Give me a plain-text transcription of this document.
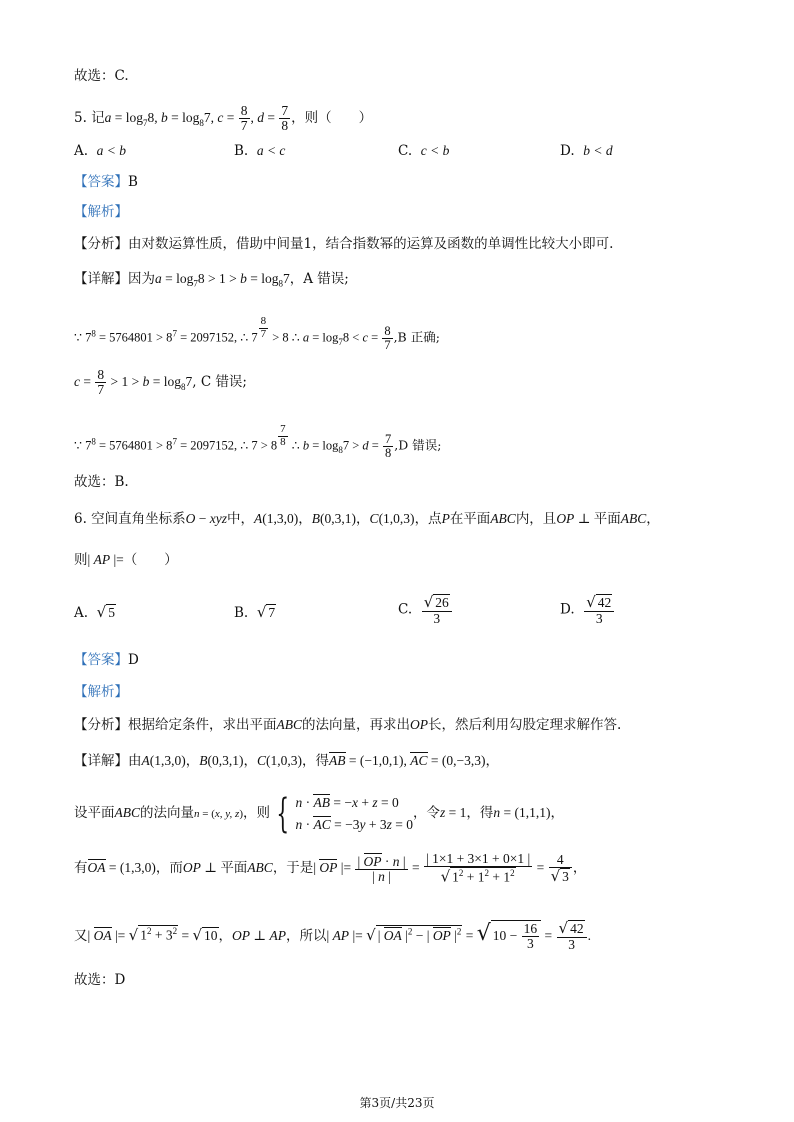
故选：C.
5. 记$a = \log_78$, $b = \log_87$, $c = \frac{8}{7}$ , $d = \frac{7}{8}$ ，则（　　）
A. a < b	B. a < c	C. c < b	D. b < d
【答案】B
【解析】
【分析】由对数运算性质，借助中间量1，结合指数幂的运算及函数的单调性比较大小即可.
【详解】因为$a = \log_78 > 1 > b = \log_87$，A 错误;
∵ $7^8 = 5764801 > 8^7 = 2097152$, ∴ 7 $^{\frac{8}{7}}$ > 8 ∴ $a = \log_78 < c = \frac{8}{7} ,B$ 正确;
$c = \frac{8}{7} > 1 > b = \log_87$, C 错误;
∵ $7^8 = 5764801 > 8^7 = 2097152$, ∴ 7 > 8 $^{\frac{7}{8}}$ ∴ $b = \log_87 > d = \frac{7}{8} ,D$ 错误;
故选：B.
6. 空间直角坐标系O − xyz中，A(1,3,0)，B(0,3,1)，C(1,0,3)，点P在平面ABC内，且OP ⊥ 平面ABC，
则| AP |=（　　）
A. √ 5	B. √ 7	C. $\frac{√ 26}{3}$	D. $\frac{√ 42}{3}$
【答案】D
【解析】
【分析】根据给定条件，求出平面ABC的法向量，再求出OP长，然后利用勾股定理求解作答.
【详解】由A(1,3,0)，B(0,3,1)，C(1,0,3)，得AB = (−1,0,1), AC = (0,−3,3)，
设平面ABC的法向量n = (x, y, z)，则 { n · AB = −x + z = 0
n · AC = −3y + 3z = 0
，令z = 1，得n = (1,1,1)，
有OA = (1,3,0)，而OP ⊥ 平面ABC，于是| OP |= $\frac{| OP \cdot n |}{| n |} = \frac{| 1\times 1 + 3\times 1 + 0\times 1 |}{√ 1^2 + 1^2 + 1^2} = \frac{4}{√ 3}$ ，
又| OA |= √ $1^2 + 3^2$ = √ 10，OP ⊥ AP，所以| AP |= √ | OA $|^2$ − | OP $|^2$ = √ $10 - \frac{16}{3} = \frac{√ 42}{3}$ .
故选：D
第3页/共23页
